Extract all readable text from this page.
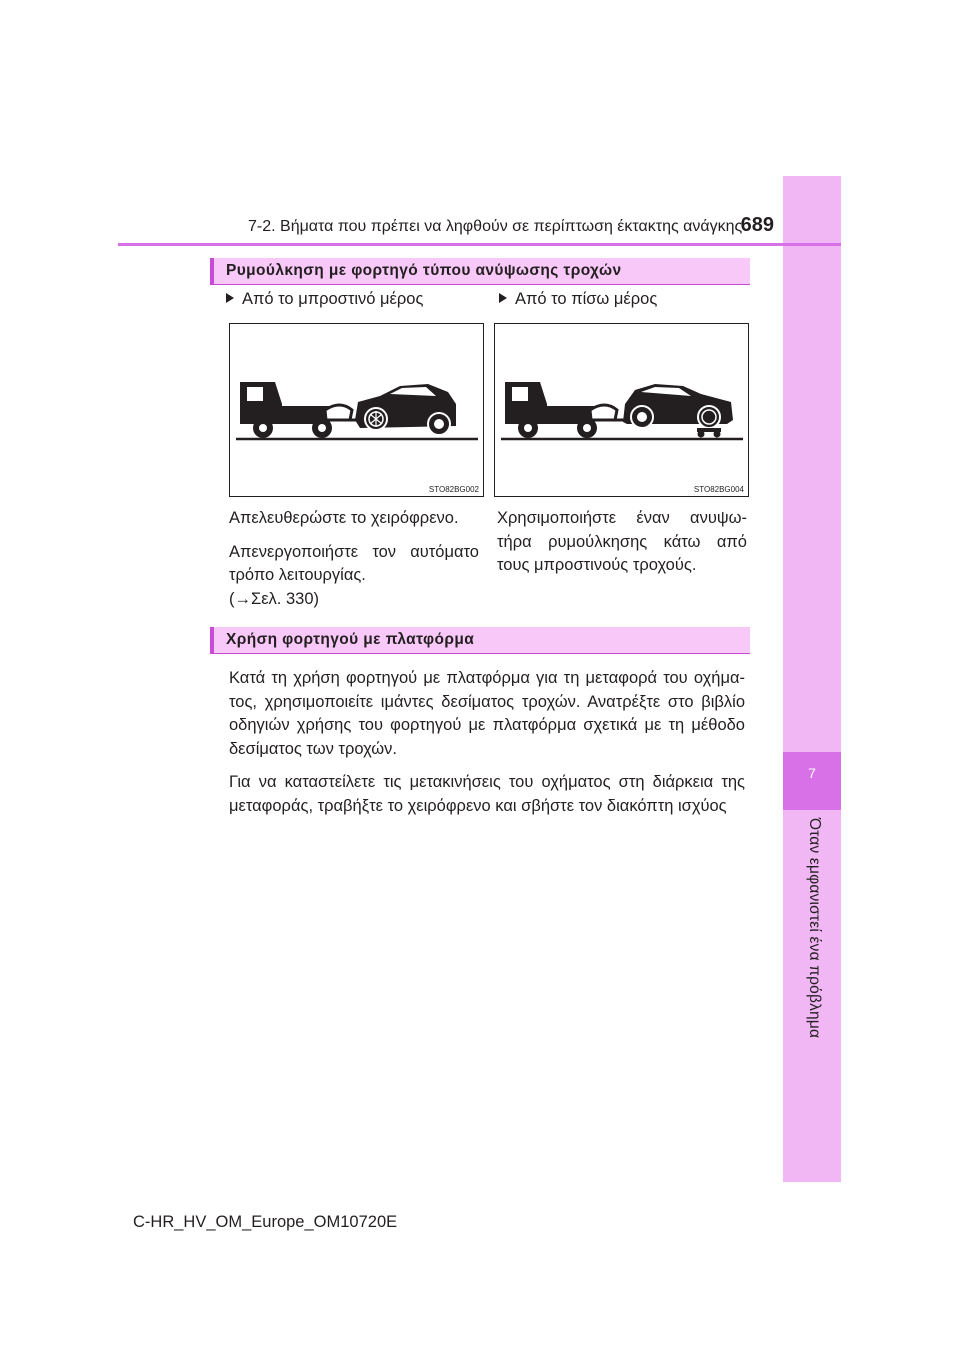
7
Όταν εμφανιστεί ένα πρόβλημα
7-2. Βήματα που πρέπει να ληφθούν σε περίπτωση έκτακτης ανάγκης
689
Ρυμούλκηση με φορτηγό τύπου ανύψωσης τροχών
Από το μπροστινό μέρος	Από το πίσω μέρος
STO82BG002	STO82BG004

Απελευθερώστε το χειρόφρενο.

Απενεργοποιήστε τον αυτόματο τρόπο λειτουργίας.

(→Σελ. 330)

Χρησιμοποιήστε έναν ανυψω- τήρα ρυμούλκησης κάτω από τους μπροστινούς τροχούς.

Χρήση φορτηγού με πλατφόρμα

Κατά τη χρήση φορτηγού με πλατφόρμα για τη μεταφορά του οχήμα- τος, χρησιμοποιείτε ιμάντες δεσίματος τροχών. Ανατρέξτε στο βιβλίο οδηγιών χρήσης του φορτηγού με πλατφόρμα σχετικά με τη μέθοδο δεσίματος των τροχών.

Για να καταστείλετε τις μετακινήσεις του οχήματος στη διάρκεια της μεταφοράς, τραβήξτε το χειρόφρενο και σβήστε τον διακόπτη ισχύος

C-HR_HV_OM_Europe_OM10720E
